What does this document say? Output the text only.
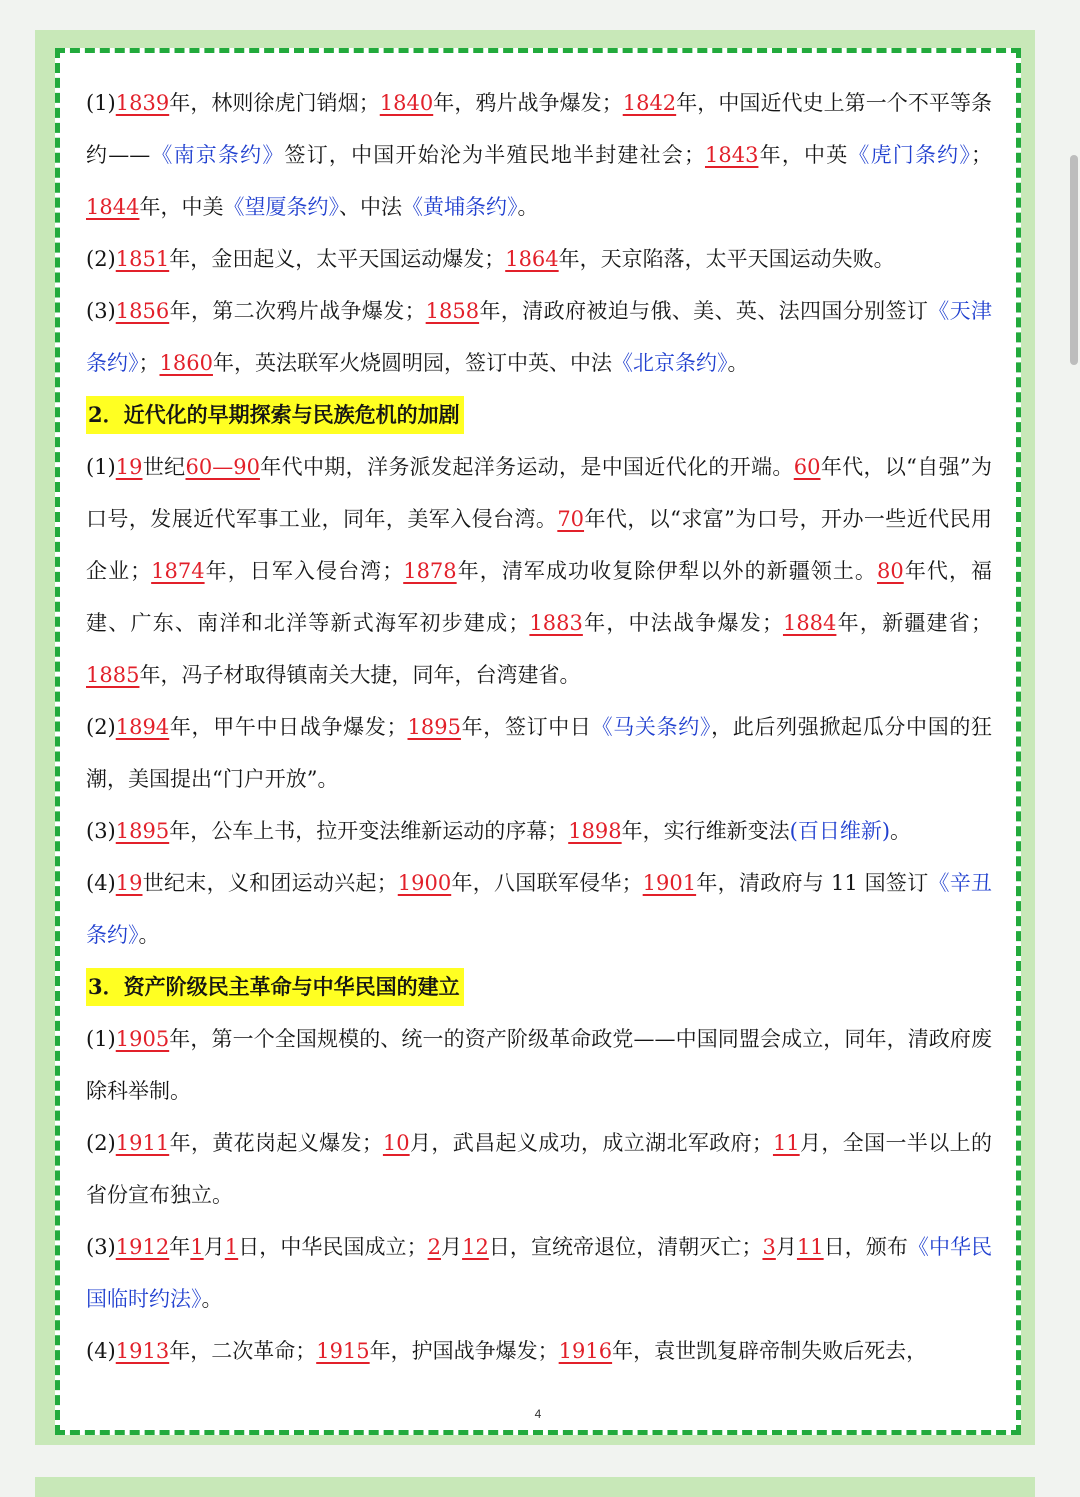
(1)1839年，林则徐虎门销烟；1840年，鸦片战争爆发；1842年，中国近代史上第一个不平等条约——《南京条约》签订，中国开始沦为半殖民地半封建社会；1843年，中英《虎门条约》；1844年，中美《望厦条约》、中法《黄埔条约》。

(2)1851年，金田起义，太平天国运动爆发；1864年，天京陷落，太平天国运动失败。

(3)1856年，第二次鸦片战争爆发；1858年，清政府被迫与俄、美、英、法四国分别签订《天津条约》；1860年，英法联军火烧圆明园，签订中英、中法《北京条约》。

2．近代化的早期探索与民族危机的加剧

(1)19世纪60—90年代中期，洋务派发起洋务运动，是中国近代化的开端。60年代，以“自强”为口号，发展近代军事工业，同年，美军入侵台湾。70年代，以“求富”为口号，开办一些近代民用企业；1874年，日军入侵台湾；1878年，清军成功收复除伊犁以外的新疆领土。80年代，福建、广东、南洋和北洋等新式海军初步建成；1883年，中法战争爆发；1884年，新疆建省；1885年，冯子材取得镇南关大捷，同年，台湾建省。

(2)1894年，甲午中日战争爆发；1895年，签订中日《马关条约》，此后列强掀起瓜分中国的狂潮，美国提出“门户开放”。

(3)1895年，公车上书，拉开变法维新运动的序幕；1898年，实行维新变法(百日维新)。

(4)19世纪末，义和团运动兴起；1900年，八国联军侵华；1901年，清政府与 11 国签订《辛丑条约》。

3．资产阶级民主革命与中华民国的建立

(1)1905年，第一个全国规模的、统一的资产阶级革命政党——中国同盟会成立，同年，清政府废除科举制。

(2)1911年，黄花岗起义爆发；10月，武昌起义成功，成立湖北军政府；11月，全国一半以上的省份宣布独立。

(3)1912年1月1日，中华民国成立；2月12日，宣统帝退位，清朝灭亡；3月11日，颁布《中华民国临时约法》。

(4)1913年，二次革命；1915年，护国战争爆发；1916年，袁世凯复辟帝制失败后死去，

4
